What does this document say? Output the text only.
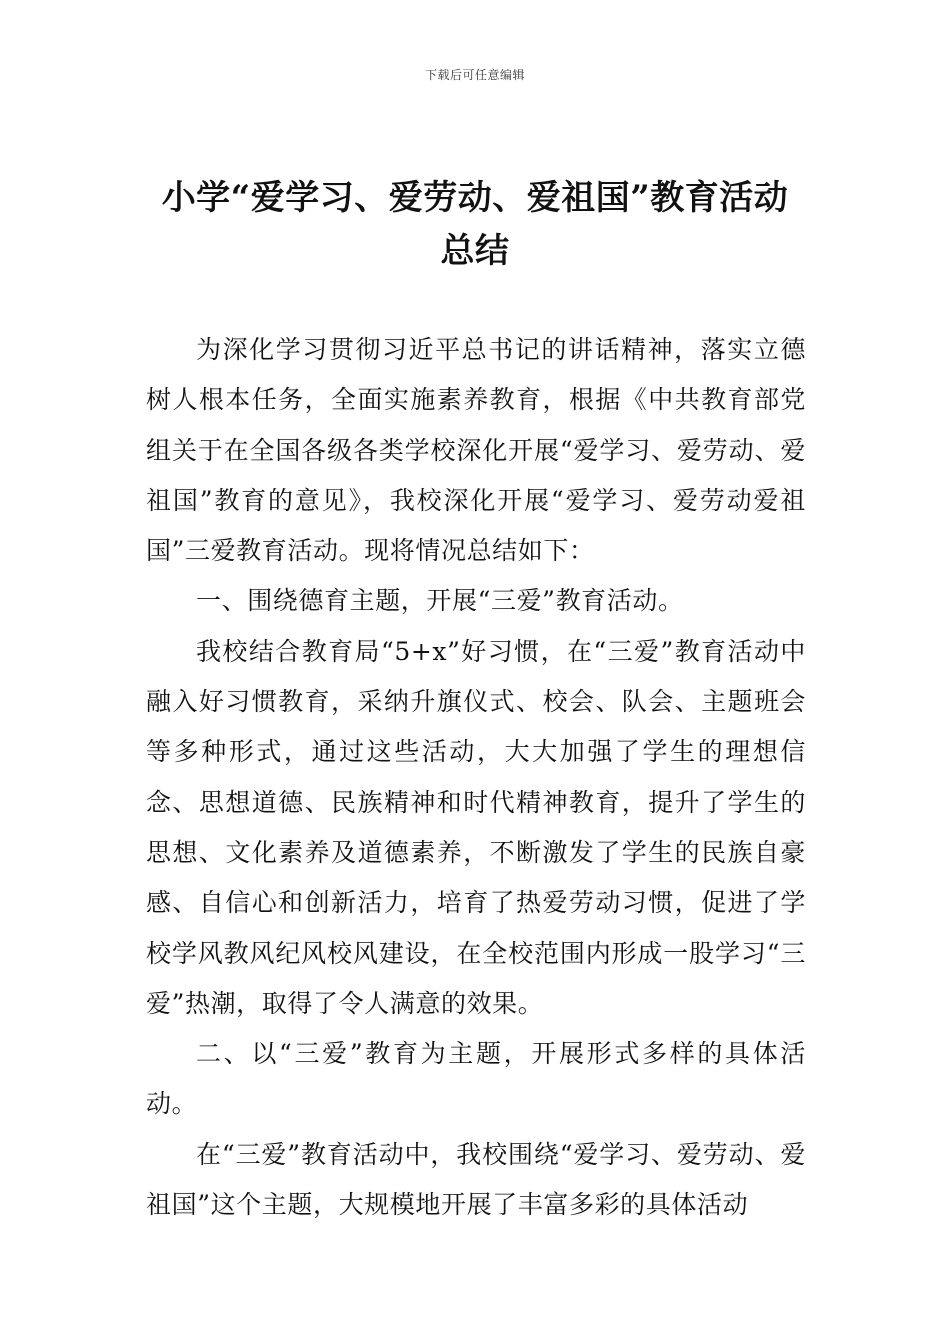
下载后可任意编辑
小学“爱学习、爱劳动、爱祖国”教育活动总结

为深化学习贯彻习近平总书记的讲话精神，落实立德树人根本任务，全面实施素养教育，根据《中共教育部党组关于在全国各级各类学校深化开展“爱学习、爱劳动、爱祖国”教育的意见》，我校深化开展“爱学习、爱劳动爱祖国”三爱教育活动。现将情况总结如下：

一、围绕德育主题，开展“三爱”教育活动。

我校结合教育局“5+x”好习惯，在“三爱”教育活动中融入好习惯教育，采纳升旗仪式、校会、队会、主题班会等多种形式，通过这些活动，大大加强了学生的理想信念、思想道德、民族精神和时代精神教育，提升了学生的思想、文化素养及道德素养，不断激发了学生的民族自豪感、自信心和创新活力，培育了热爱劳动习惯，促进了学校学风教风纪风校风建设，在全校范围内形成一股学习“三爱”热潮，取得了令人满意的效果。

二、以“三爱”教育为主题，开展形式多样的具体活动。

在“三爱”教育活动中，我校围绕“爱学习、爱劳动、爱祖国”这个主题，大规模地开展了丰富多彩的具体活动
